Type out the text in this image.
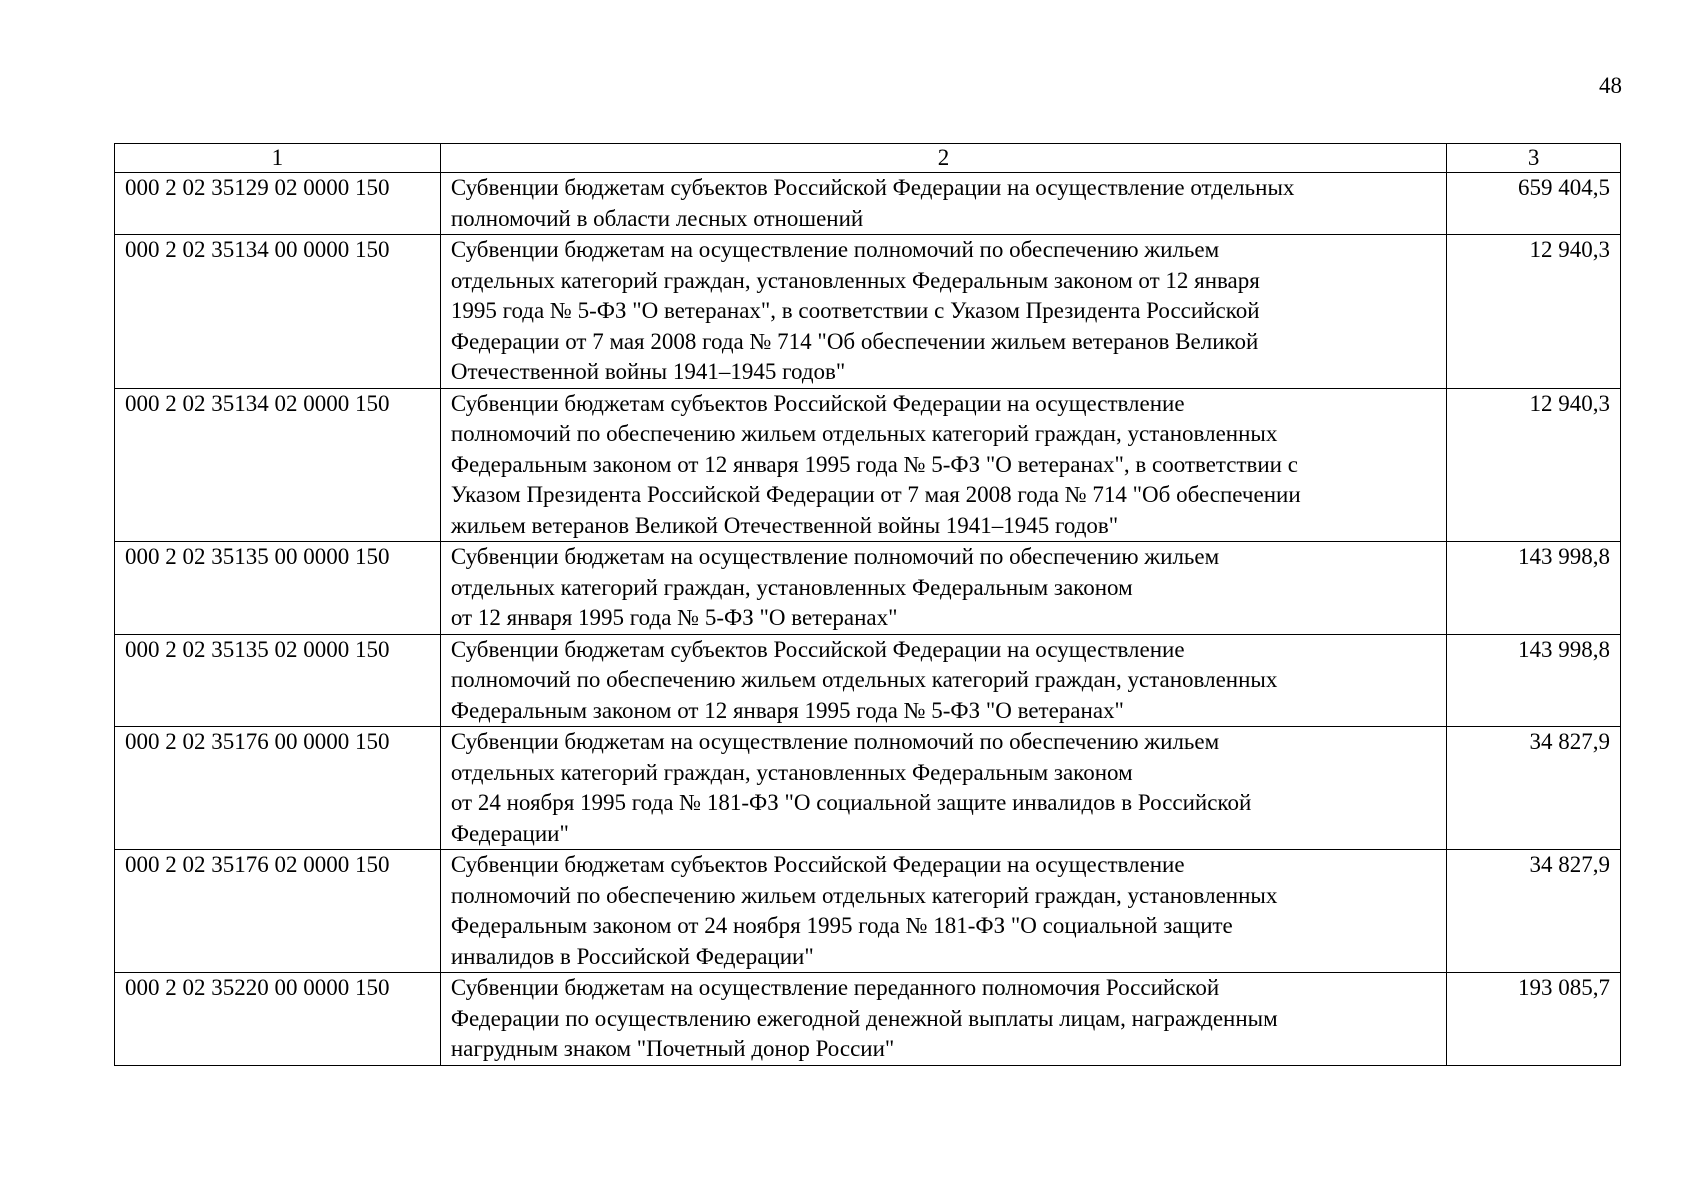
48
1	2	3
000 2 02 35129 02 0000 150	Субвенции бюджетам субъектов Российской Федерации на осуществление отдельных
полномочий в области лесных отношений	659 404,5
000 2 02 35134 00 0000 150	Субвенции бюджетам на осуществление полномочий по обеспечению жильем
отдельных категорий граждан, установленных Федеральным законом от 12 января
1995 года № 5-ФЗ "О ветеранах", в соответствии с Указом Президента Российской
Федерации от 7 мая 2008 года № 714 "Об обеспечении жильем ветеранов Великой
Отечественной войны 1941–1945 годов"	12 940,3
000 2 02 35134 02 0000 150	Субвенции бюджетам субъектов Российской Федерации на осуществление
полномочий по обеспечению жильем отдельных категорий граждан, установленных
Федеральным законом от 12 января 1995 года № 5-ФЗ "О ветеранах", в соответствии с
Указом Президента Российской Федерации от 7 мая 2008 года № 714 "Об обеспечении
жильем ветеранов Великой Отечественной войны 1941–1945 годов"	12 940,3
000 2 02 35135 00 0000 150	Субвенции бюджетам на осуществление полномочий по обеспечению жильем
отдельных категорий граждан, установленных Федеральным законом
от 12 января 1995 года № 5-ФЗ "О ветеранах"	143 998,8
000 2 02 35135 02 0000 150	Субвенции бюджетам субъектов Российской Федерации на осуществление
полномочий по обеспечению жильем отдельных категорий граждан, установленных
Федеральным законом от 12 января 1995 года № 5-ФЗ "О ветеранах"	143 998,8
000 2 02 35176 00 0000 150	Субвенции бюджетам на осуществление полномочий по обеспечению жильем
отдельных категорий граждан, установленных Федеральным законом
от 24 ноября 1995 года № 181-ФЗ "О социальной защите инвалидов в Российской
Федерации"	34 827,9
000 2 02 35176 02 0000 150	Субвенции бюджетам субъектов Российской Федерации на осуществление
полномочий по обеспечению жильем отдельных категорий граждан, установленных
Федеральным законом от 24 ноября 1995 года № 181-ФЗ "О социальной защите
инвалидов в Российской Федерации"	34 827,9
000 2 02 35220 00 0000 150	Субвенции бюджетам на осуществление переданного полномочия Российской
Федерации по осуществлению ежегодной денежной выплаты лицам, награжденным
нагрудным знаком "Почетный донор России"	193 085,7
